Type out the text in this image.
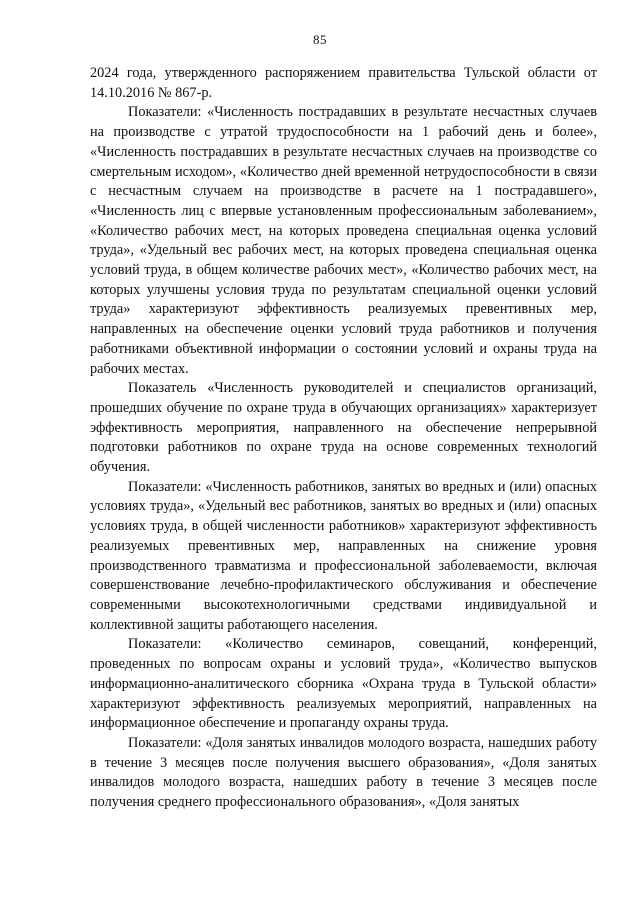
85

2024 года, утвержденного распоряжением правительства Тульской области от 14.10.2016 № 867-р.

Показатели: «Численность пострадавших в результате несчастных случаев на производстве с утратой трудоспособности на 1 рабочий день и более», «Численность пострадавших в результате несчастных случаев на производстве со смертельным исходом», «Количество дней временной нетрудоспособности в связи с несчастным случаем на производстве в расчете на 1 пострадавшего», «Численность лиц с впервые установленным профессиональным заболеванием», «Количество рабочих мест, на которых проведена специальная оценка условий труда», «Удельный вес рабочих мест, на которых проведена специальная оценка условий труда, в общем количестве рабочих мест», «Количество рабочих мест, на которых улучшены условия труда по результатам специальной оценки условий труда» характеризуют эффективность реализуемых превентивных мер, направленных на обеспечение оценки условий труда работников и получения работниками объективной информации о состоянии условий и охраны труда на рабочих местах.

Показатель «Численность руководителей и специалистов организаций, прошедших обучение по охране труда в обучающих организациях» характеризует эффективность мероприятия, направленного на обеспечение непрерывной подготовки работников по охране труда на основе современных технологий обучения.

Показатели: «Численность работников, занятых во вредных и (или) опасных условиях труда», «Удельный вес работников, занятых во вредных и (или) опасных условиях труда, в общей численности работников» характеризуют эффективность реализуемых превентивных мер, направленных на снижение уровня производственного травматизма и профессиональной заболеваемости, включая совершенствование лечебно-профилактического обслуживания и обеспечение современными высокотехнологичными средствами индивидуальной и коллективной защиты работающего населения.

Показатели: «Количество семинаров, совещаний, конференций, проведенных по вопросам охраны и условий труда», «Количество выпусков информационно-аналитического сборника «Охрана труда в Тульской области» характеризуют эффективность реализуемых мероприятий, направленных на информационное обеспечение и пропаганду охраны труда.

Показатели: «Доля занятых инвалидов молодого возраста, нашедших работу в течение 3 месяцев после получения высшего образования», «Доля занятых инвалидов молодого возраста, нашедших работу в течение 3 месяцев после получения среднего профессионального образования», «Доля занятых
